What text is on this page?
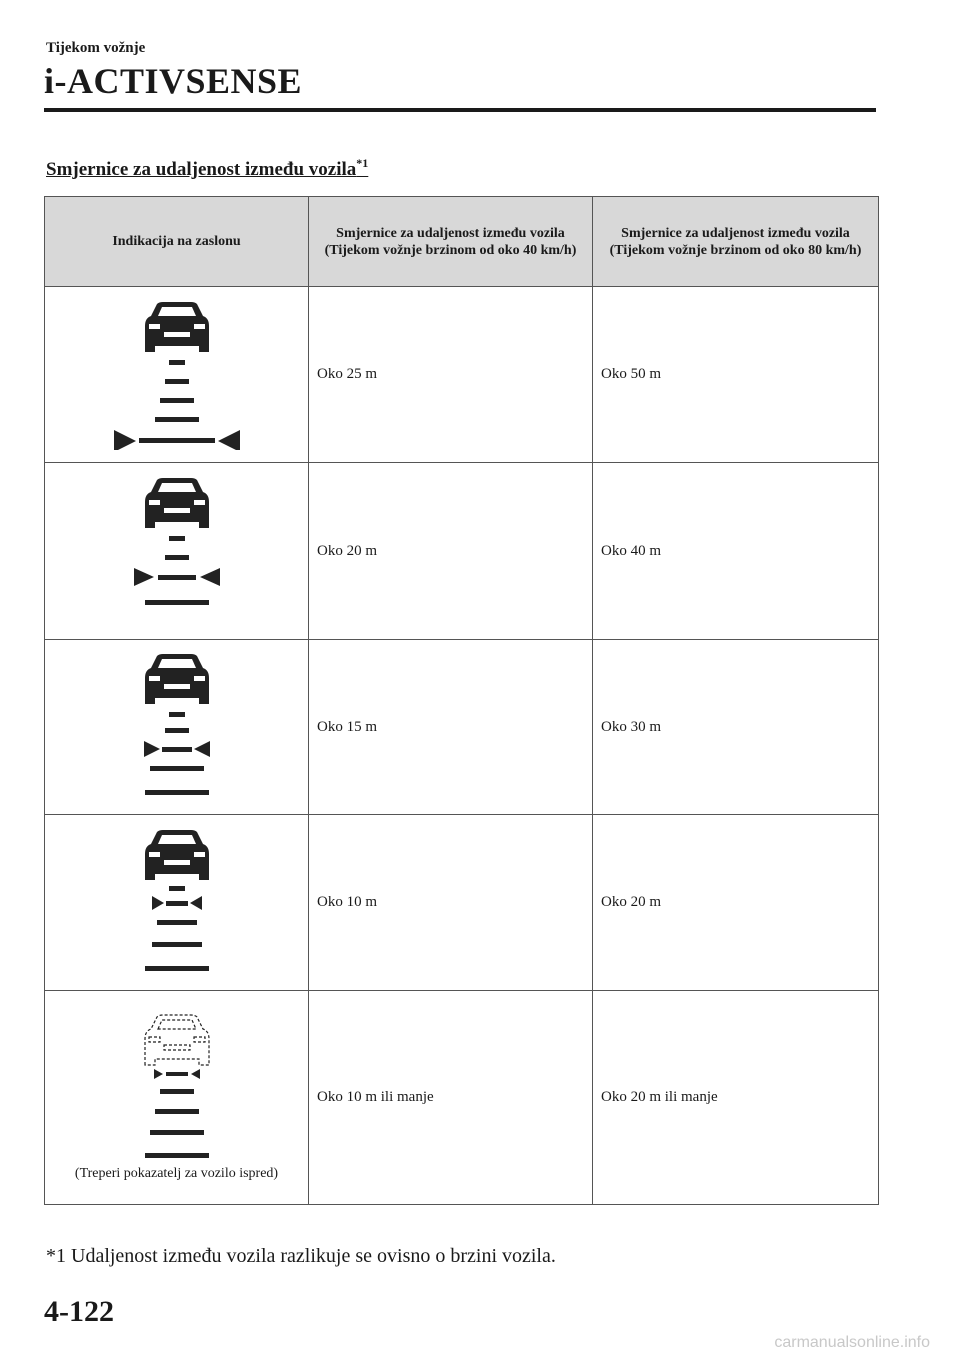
Tijekom vožnje
i-ACTIVSENSE
Smjernice za udaljenost između vozila$^{*1}$
Indikacija na zaslonu	Smjernice za udaljenost između vozila (Tijekom vožnje brzinom od oko 40 km/h)	Smjernice za udaljenost između vozila (Tijekom vožnje brzinom od oko 80 km/h)

	Oko 25 m	Oko 50 m

	Oko 20 m	Oko 40 m

	Oko 15 m	Oko 30 m

	Oko 10 m	Oko 20 m

(Treperi pokazatelj za vozilo ispred)	Oko 10 m ili manje	Oko 20 m ili manje
*1 Udaljenost između vozila razlikuje se ovisno o brzini vozila.
4-122
carmanualsonline.info
